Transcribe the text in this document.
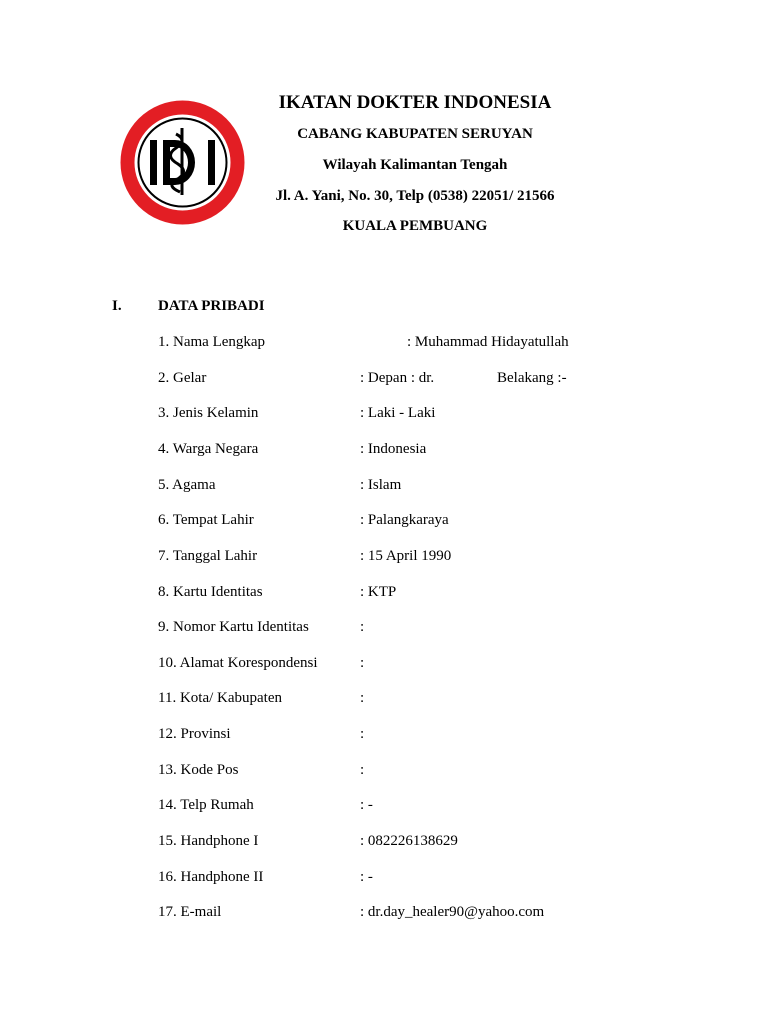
IKATAN DOKTER INDONESIA
CABANG KABUPATEN SERUYAN
Wilayah Kalimantan Tengah
Jl. A. Yani, No. 30, Telp (0538) 22051/ 21566
KUALA PEMBUANG
I. DATA PRIBADI
1. Nama Lengkap	: Muhammad Hidayatullah
2. Gelar	: Depan : dr.	Belakang :-
3. Jenis Kelamin	: Laki - Laki
4. Warga Negara	: Indonesia
5. Agama	: Islam
6. Tempat Lahir	: Palangkaraya
7. Tanggal Lahir	: 15 April 1990
8. Kartu Identitas	: KTP
9. Nomor Kartu Identitas	:
10. Alamat Korespondensi	:
11. Kota/ Kabupaten	:
12. Provinsi	:
13. Kode Pos	:
14. Telp Rumah	: -
15. Handphone I	: 082226138629
16. Handphone II	: -
17. E-mail	: dr.day_healer90@yahoo.com
